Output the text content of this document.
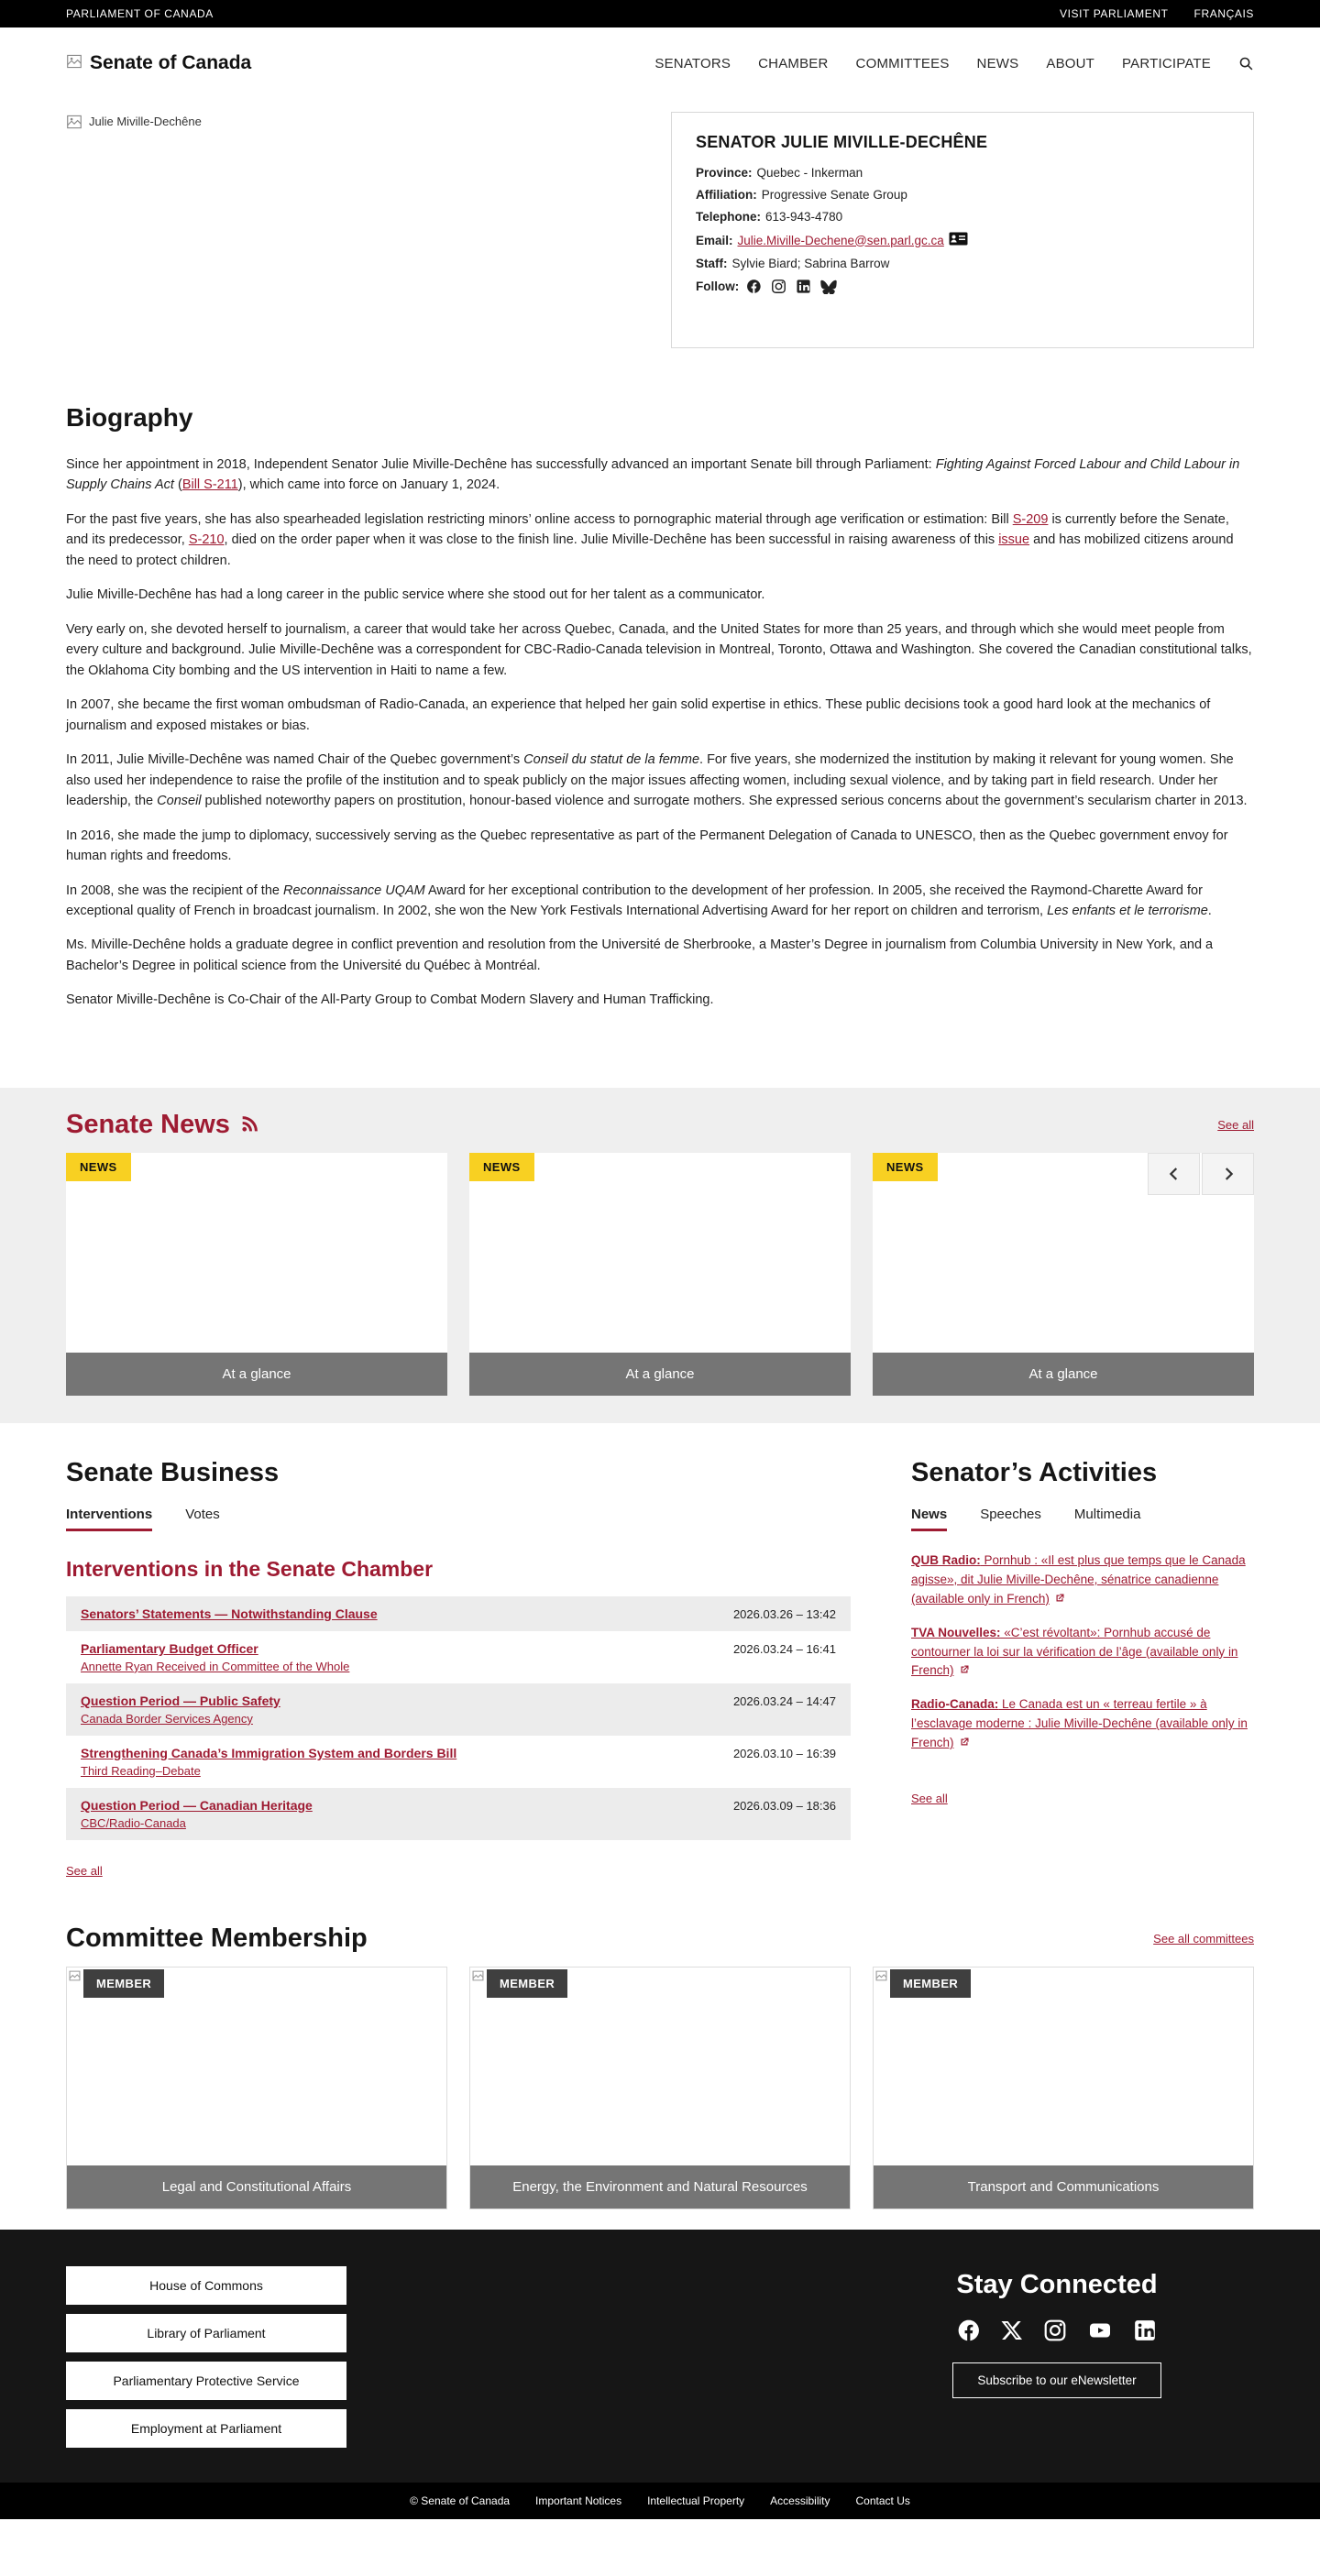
PARLIAMENT OF CANADA	VISIT PARLIAMENT FRANÇAIS
Senate of Canada	SENATORS CHAMBER COMMITTEES NEWS ABOUT PARTICIPATE
Julie Miville-Dechêne
SENATOR JULIE MIVILLE-DECHÊNE

Province: Quebec - Inkerman

Affiliation: Progressive Senate Group

Telephone: 613-943-4780

Email: Julie.Miville-Dechene@sen.parl.gc.ca

Staff: Sylvie Biard; Sabrina Barrow

Follow:

Biography

Since her appointment in 2018, Independent Senator Julie Miville-Dechêne has successfully advanced an important Senate bill through Parliament: Fighting Against Forced Labour and Child Labour in Supply Chains Act (Bill S-211), which came into force on January 1, 2024.

For the past five years, she has also spearheaded legislation restricting minors’ online access to pornographic material through age verification or estimation: Bill S-209 is currently before the Senate, and its predecessor, S-210, died on the order paper when it was close to the finish line. Julie Miville-Dechêne has been successful in raising awareness of this issue and has mobilized citizens around the need to protect children.

Julie Miville-Dechêne has had a long career in the public service where she stood out for her talent as a communicator.

Very early on, she devoted herself to journalism, a career that would take her across Quebec, Canada, and the United States for more than 25 years, and through which she would meet people from every culture and background. Julie Miville-Dechêne was a correspondent for CBC-Radio-Canada television in Montreal, Toronto, Ottawa and Washington. She covered the Canadian constitutional talks, the Oklahoma City bombing and the US intervention in Haiti to name a few.

In 2007, she became the first woman ombudsman of Radio-Canada, an experience that helped her gain solid expertise in ethics. These public decisions took a good hard look at the mechanics of journalism and exposed mistakes or bias.

In 2011, Julie Miville-Dechêne was named Chair of the Quebec government’s Conseil du statut de la femme. For five years, she modernized the institution by making it relevant for young women. She also used her independence to raise the profile of the institution and to speak publicly on the major issues affecting women, including sexual violence, and by taking part in field research. Under her leadership, the Conseil published noteworthy papers on prostitution, honour-based violence and surrogate mothers. She expressed serious concerns about the government’s secularism charter in 2013.

In 2016, she made the jump to diplomacy, successively serving as the Quebec representative as part of the Permanent Delegation of Canada to UNESCO, then as the Quebec government envoy for human rights and freedoms.

In 2008, she was the recipient of the Reconnaissance UQAM Award for her exceptional contribution to the development of her profession. In 2005, she received the Raymond-Charette Award for exceptional quality of French in broadcast journalism. In 2002, she won the New York Festivals International Advertising Award for her report on children and terrorism, Les enfants et le terrorisme.

Ms. Miville-Dechêne holds a graduate degree in conflict prevention and resolution from the Université de Sherbrooke, a Master’s Degree in journalism from Columbia University in New York, and a Bachelor’s Degree in political science from the Université du Québec à Montréal.

Senator Miville-Dechêne is Co-Chair of the All-Party Group to Combat Modern Slavery and Human Trafficking.

Senate News	See all
NEWS
At a glance
NEWS
At a glance
NEWS
At a glance
Senate Business
Interventions Votes
Interventions in the Senate Chamber
Senators’ Statements — Notwithstanding Clause	2026.03.26 – 13:42
Parliamentary Budget Officer
Annette Ryan Received in Committee of the Whole
2026.03.24 – 16:41
Question Period — Public Safety
Canada Border Services Agency
2026.03.24 – 14:47
Strengthening Canada’s Immigration System and Borders Bill
Third Reading–Debate
2026.03.10 – 16:39
Question Period — Canadian Heritage
CBC/Radio-Canada
2026.03.09 – 18:36
See all
Senator’s Activities
News Speeches Multimedia
QUB Radio: Pornhub : «Il est plus que temps que le Canada agisse», dit Julie Miville-Dechêne, sénatrice canadienne (available only in French)
TVA Nouvelles: «C’est révoltant»: Pornhub accusé de contourner la loi sur la vérification de l’âge (available only in French)
Radio-Canada: Le Canada est un « terreau fertile » à l’esclavage moderne : Julie Miville-Dechêne (available only in French)
See all
Committee Membership	See all committees
MEMBER
Legal and Constitutional Affairs
MEMBER
Energy, the Environment and Natural Resources
MEMBER
Transport and Communications
House of Commons
Library of Parliament
Parliamentary Protective Service
Employment at Parliament
Stay Connected
Subscribe to our eNewsletter
© Senate of Canada Important Notices Intellectual Property Accessibility Contact Us
